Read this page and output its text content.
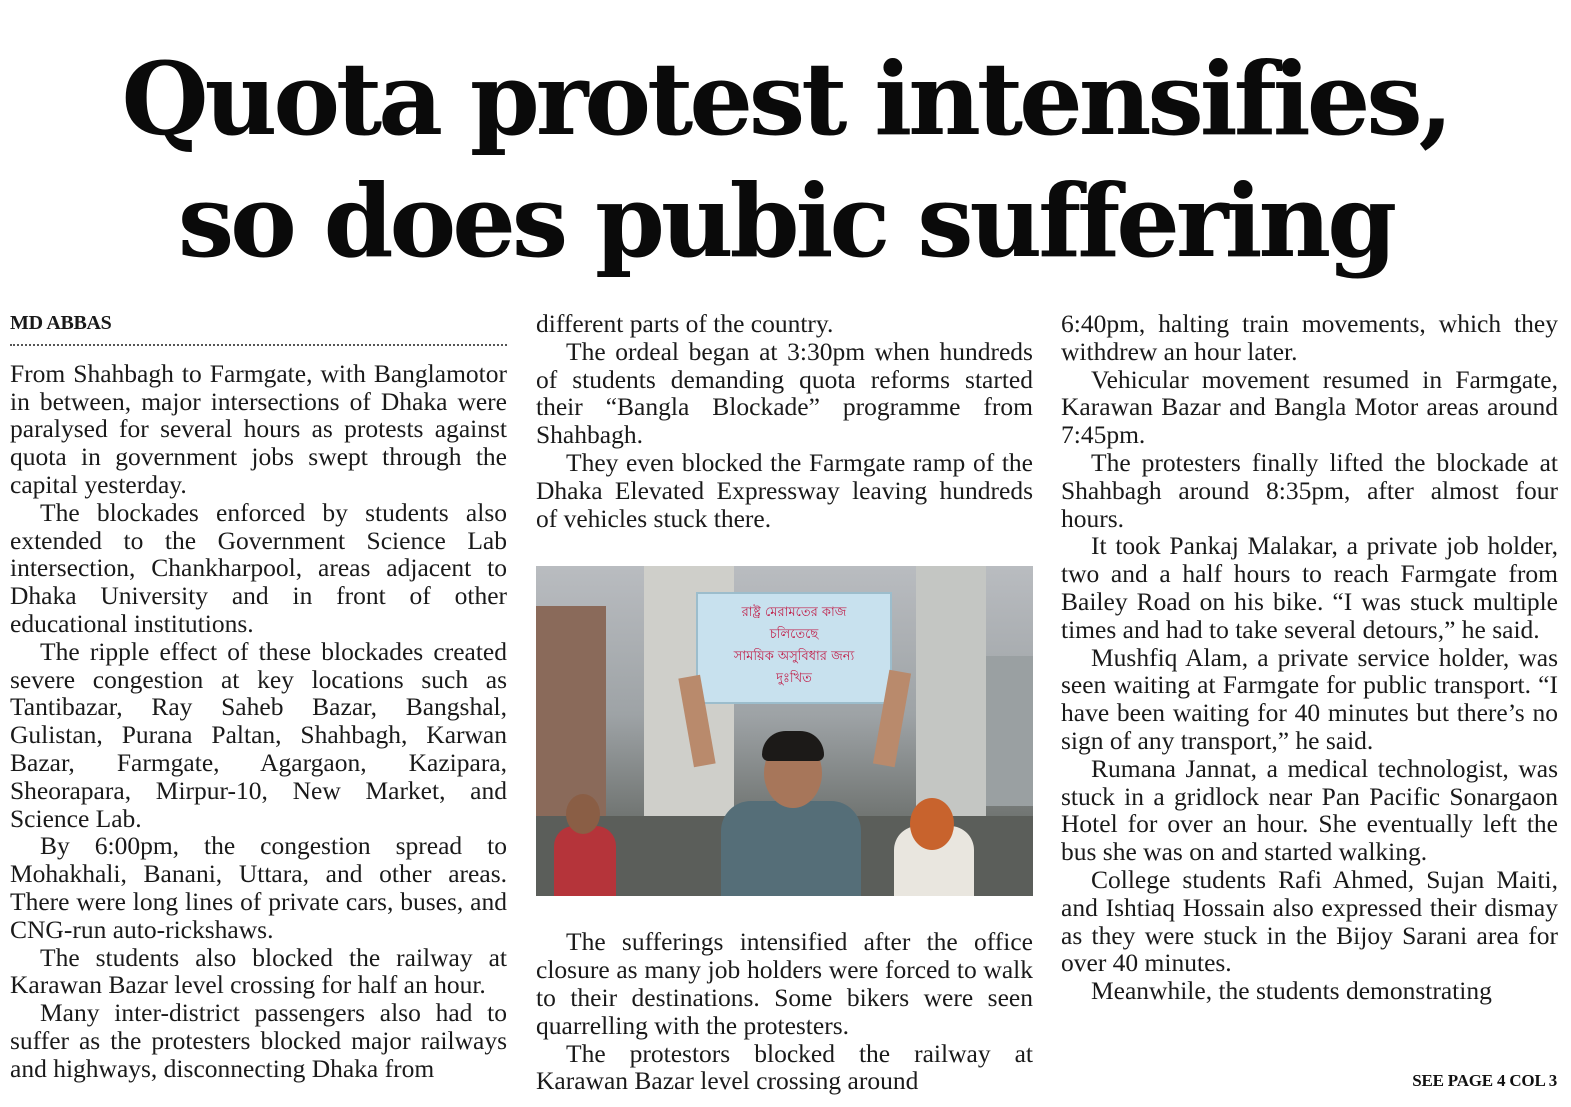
Quota protest intensifies,
so does pubic suffering
MD ABBAS

From Shahbagh to Farmgate, with Banglamotor in between, major intersections of Dhaka were paralysed for several hours as protests against quota in government jobs swept through the capital yesterday.

The blockades enforced by students also extended to the Government Science Lab intersection, Chankharpool, areas adjacent to Dhaka University and in front of other educational institutions.

The ripple effect of these blockades created severe congestion at key locations such as Tantibazar, Ray Saheb Bazar, Bangshal, Gulistan, Purana Paltan, Shahbagh, Karwan Bazar, Farmgate, Agargaon, Kazipara, Sheorapara, Mirpur-10, New Market, and Science Lab.

By 6:00pm, the congestion spread to Mohakhali, Banani, Uttara, and other areas. There were long lines of private cars, buses, and CNG-run auto-rickshaws.

The students also blocked the railway at Karawan Bazar level crossing for half an hour.

Many inter-district passengers also had to suffer as the protesters blocked major railways and highways, disconnecting Dhaka from

different parts of the country.

The ordeal began at 3:30pm when hundreds of students demanding quota reforms started their “Bangla Blockade” programme from Shahbagh.

They even blocked the Farmgate ramp of the Dhaka Elevated Expressway leaving hundreds of vehicles stuck there.

রাষ্ট্র মেরামতের কাজ
চলিতেছে
সাময়িক অসুবিধার জন্য
দুঃখিত

The sufferings intensified after the office closure as many job holders were forced to walk to their destinations. Some bikers were seen quarrelling with the protesters.

The protestors blocked the railway at Karawan Bazar level crossing around

6:40pm, halting train movements, which they withdrew an hour later.

Vehicular movement resumed in Farmgate, Karawan Bazar and Bangla Motor areas around 7:45pm.

The protesters finally lifted the blockade at Shahbagh around 8:35pm, after almost four hours.

It took Pankaj Malakar, a private job holder, two and a half hours to reach Farmgate from Bailey Road on his bike. “I was stuck multiple times and had to take several detours,” he said.

Mushfiq Alam, a private service holder, was seen waiting at Farmgate for public transport. “I have been waiting for 40 minutes but there’s no sign of any transport,” he said.

Rumana Jannat, a medical technologist, was stuck in a gridlock near Pan Pacific Sonargaon Hotel for over an hour. She eventually left the bus she was on and started walking.

College students Rafi Ahmed, Sujan Maiti, and Ishtiaq Hossain also expressed their dismay as they were stuck in the Bijoy Sarani area for over 40 minutes.

Meanwhile, the students demonstrating

SEE PAGE 4 COL 3
